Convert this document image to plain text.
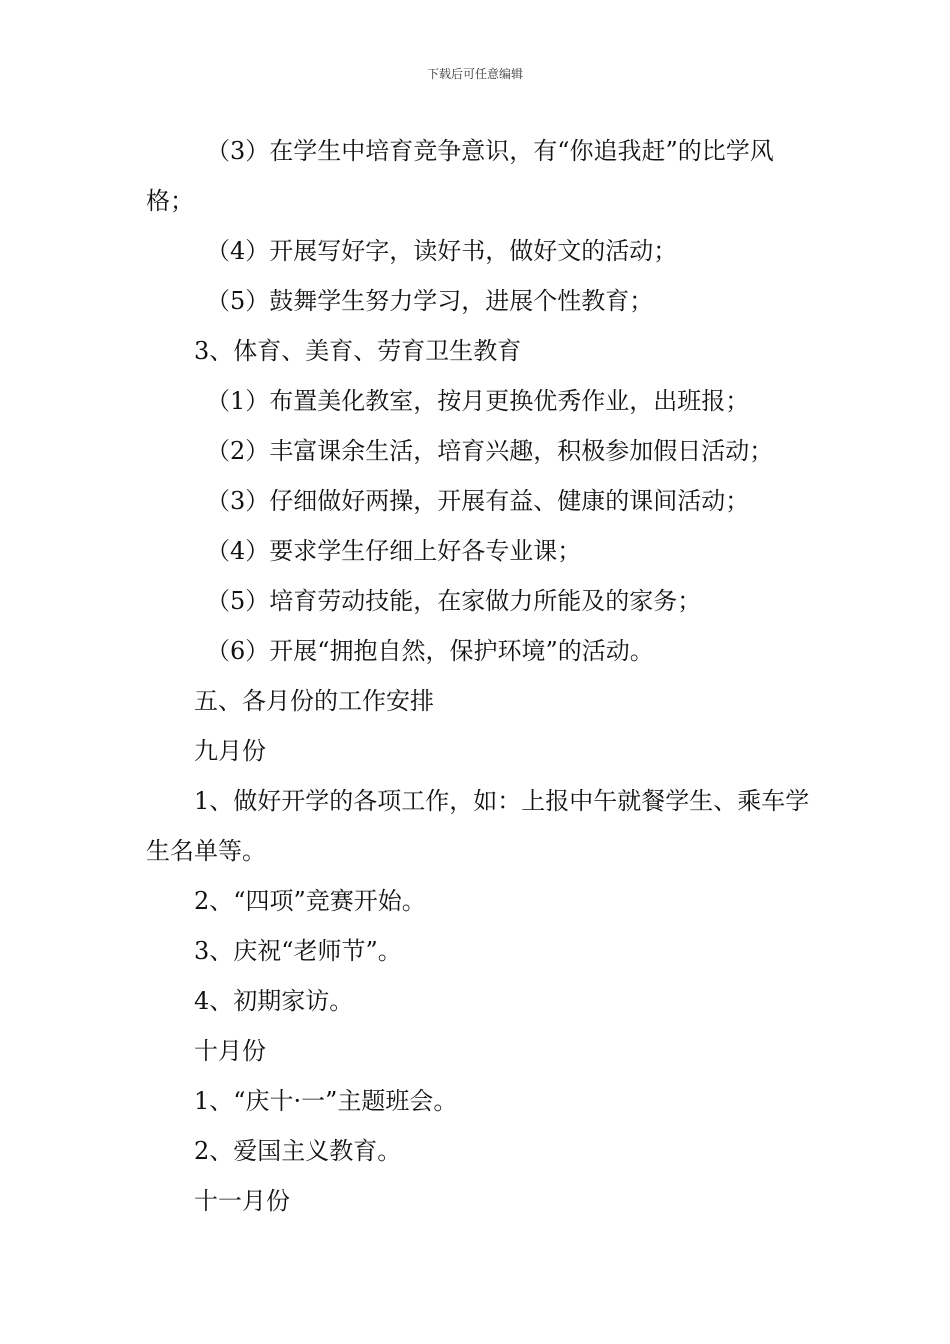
下载后可任意编辑

（3）在学生中培育竞争意识，有“你追我赶”的比学风格；

（4）开展写好字，读好书，做好文的活动；

（5）鼓舞学生努力学习，进展个性教育；

3、体育、美育、劳育卫生教育

（1）布置美化教室，按月更换优秀作业，出班报；

（2）丰富课余生活，培育兴趣，积极参加假日活动；

（3）仔细做好两操，开展有益、健康的课间活动；

（4）要求学生仔细上好各专业课；

（5）培育劳动技能，在家做力所能及的家务；

（6）开展“拥抱自然，保护环境”的活动。

五、各月份的工作安排

九月份

1、做好开学的各项工作，如：上报中午就餐学生、乘车学生名单等。

2、“四项”竞赛开始。

3、庆祝“老师节”。

4、初期家访。

十月份

1、“庆十·一”主题班会。

2、爱国主义教育。

十一月份
